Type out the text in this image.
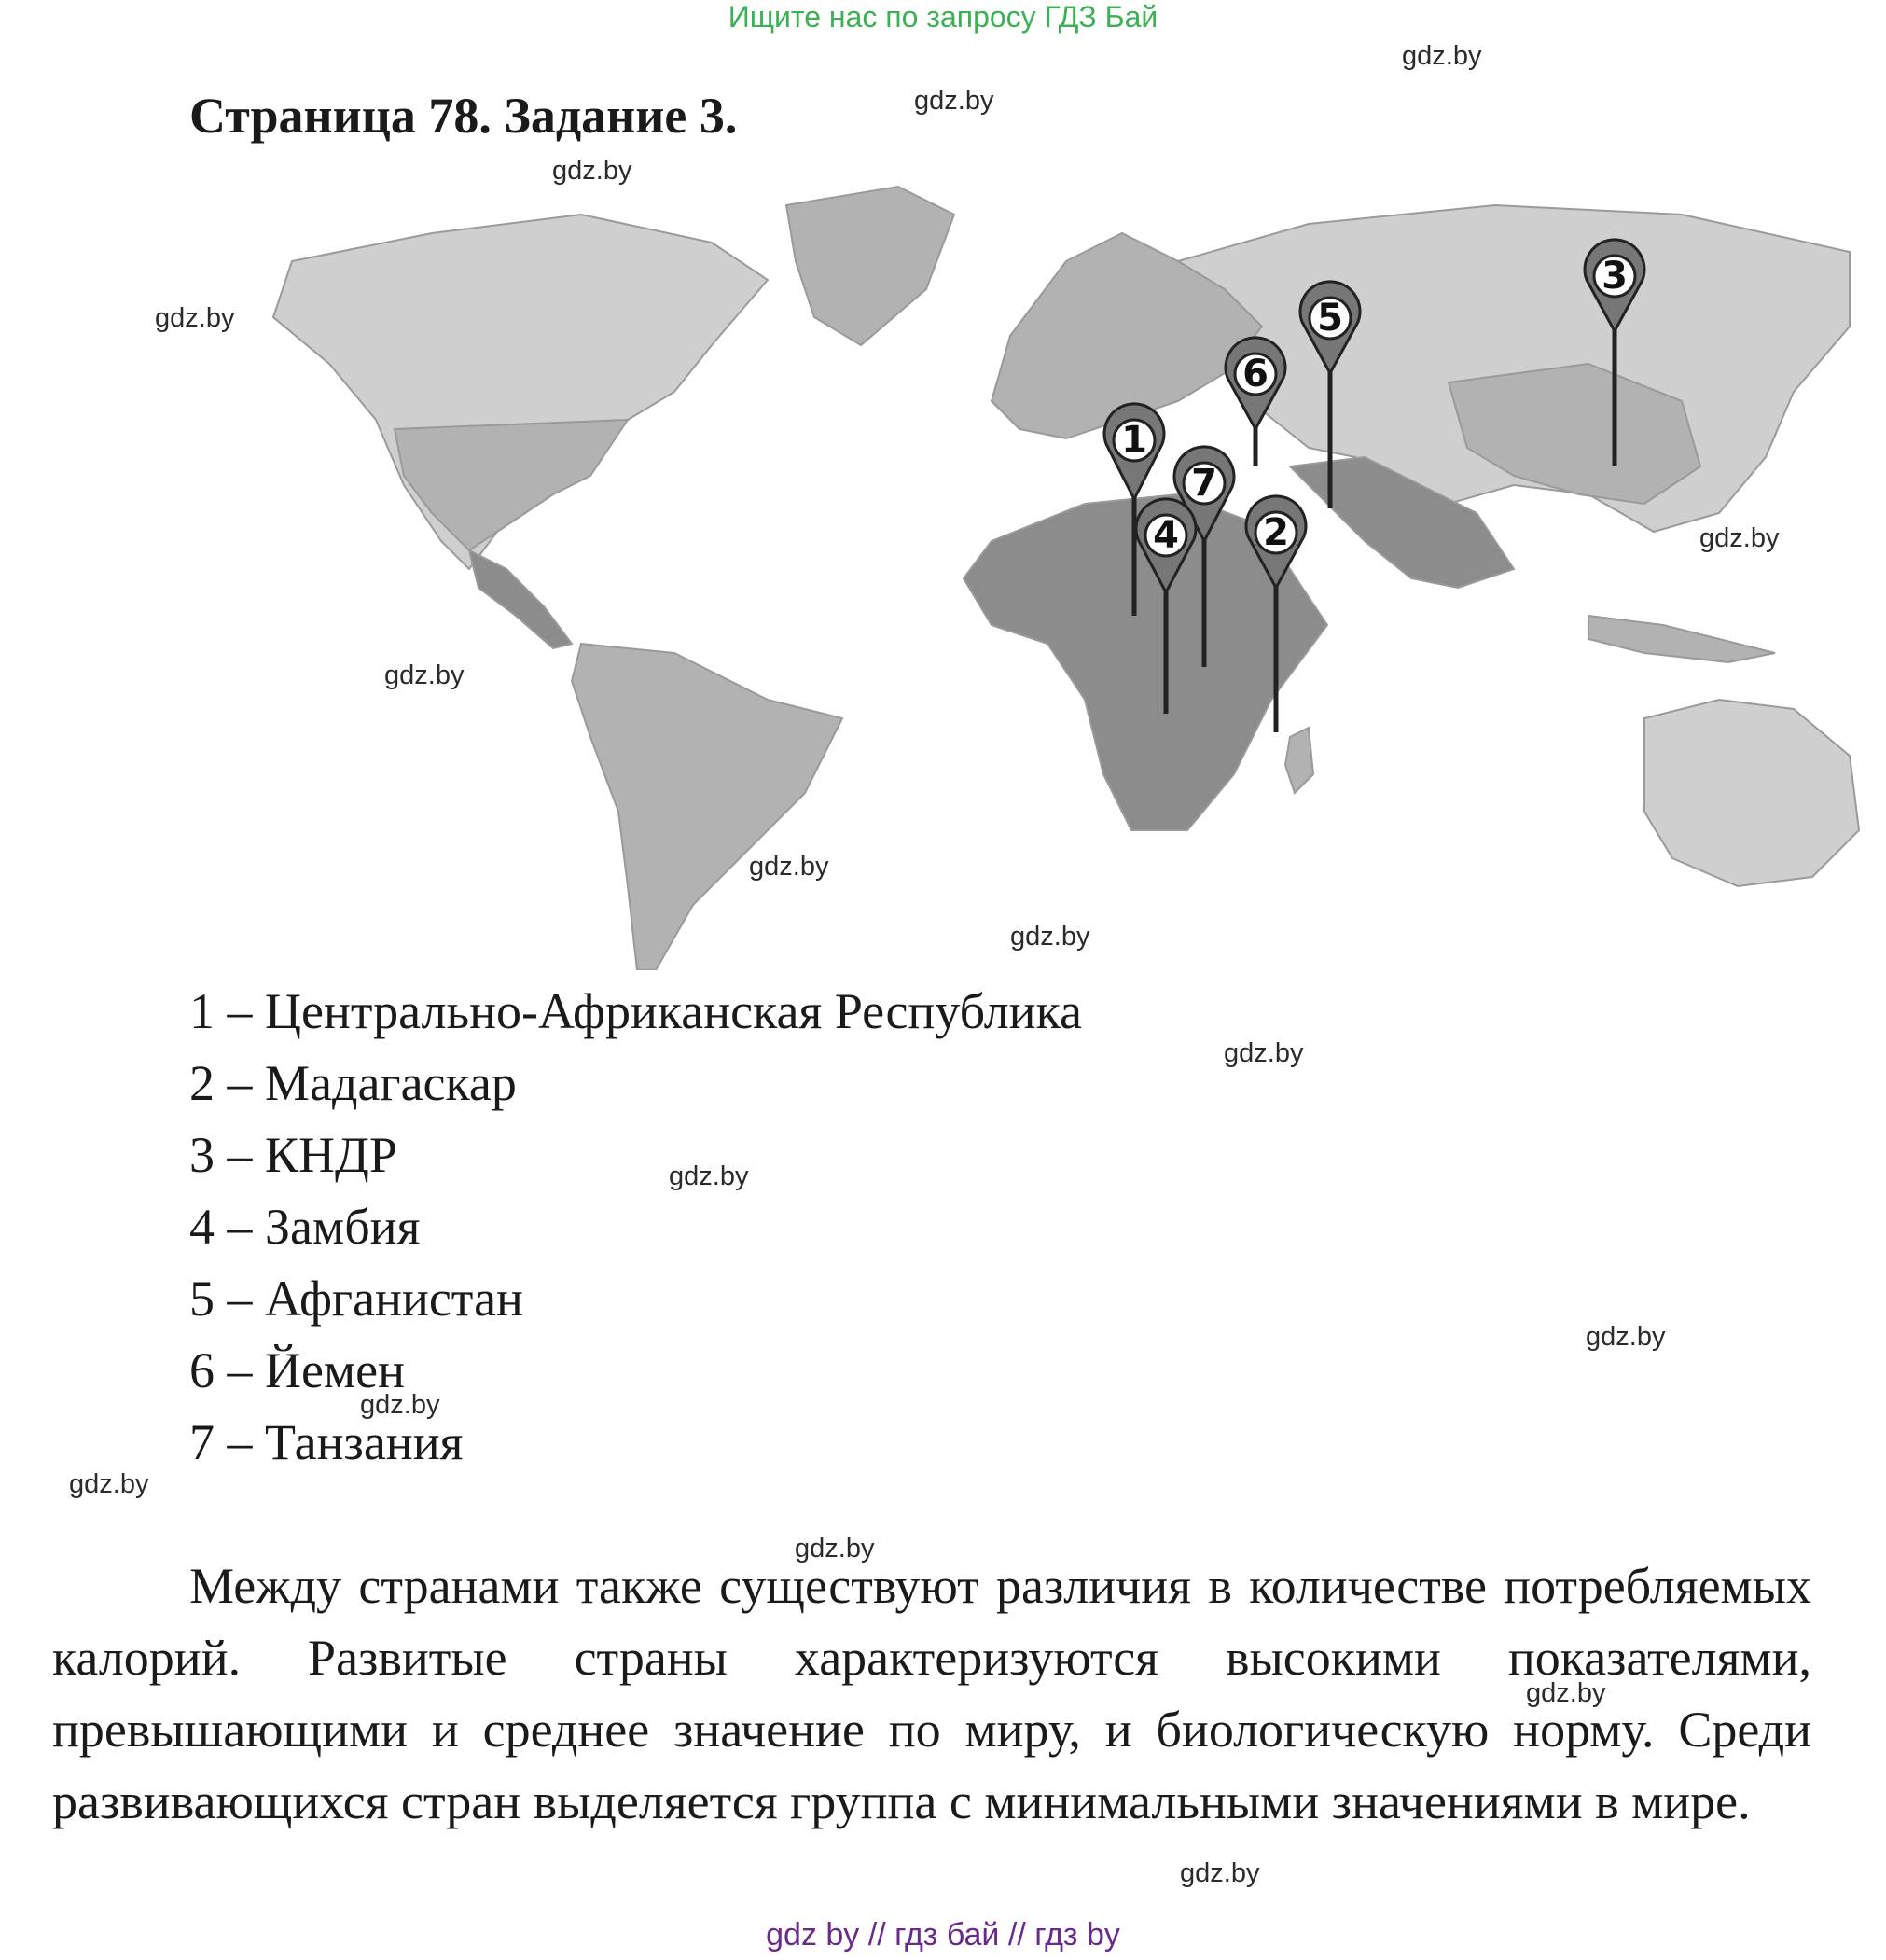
Ищите нас по запросу ГДЗ Бай
Страница 78. Задание 3.
gdz.by
gdz.by
gdz.by
gdz.by
gdz.by
gdz.by
gdz.by
gdz.by
1
6
5
3
7
4 2
1 – Центрально-Африканская Республика
2 – Мадагаскар
3 – КНДР
4 – Замбия
5 – Афганистан
6 – Йемен
7 – Танзания
gdz.by
gdz.by
gdz.by
gdz.by
gdz.by
gdz.by

Между странами также существуют различия в количестве потребляемых калорий. Развитые страны характеризуются высокими показателями, превышающими и среднее значение по миру, и биологическую норму. Среди развивающихся стран выделяется группа с минимальными значениями в мире.

gdz.by
gdz.by
gdz by // гдз бай // гдз by
